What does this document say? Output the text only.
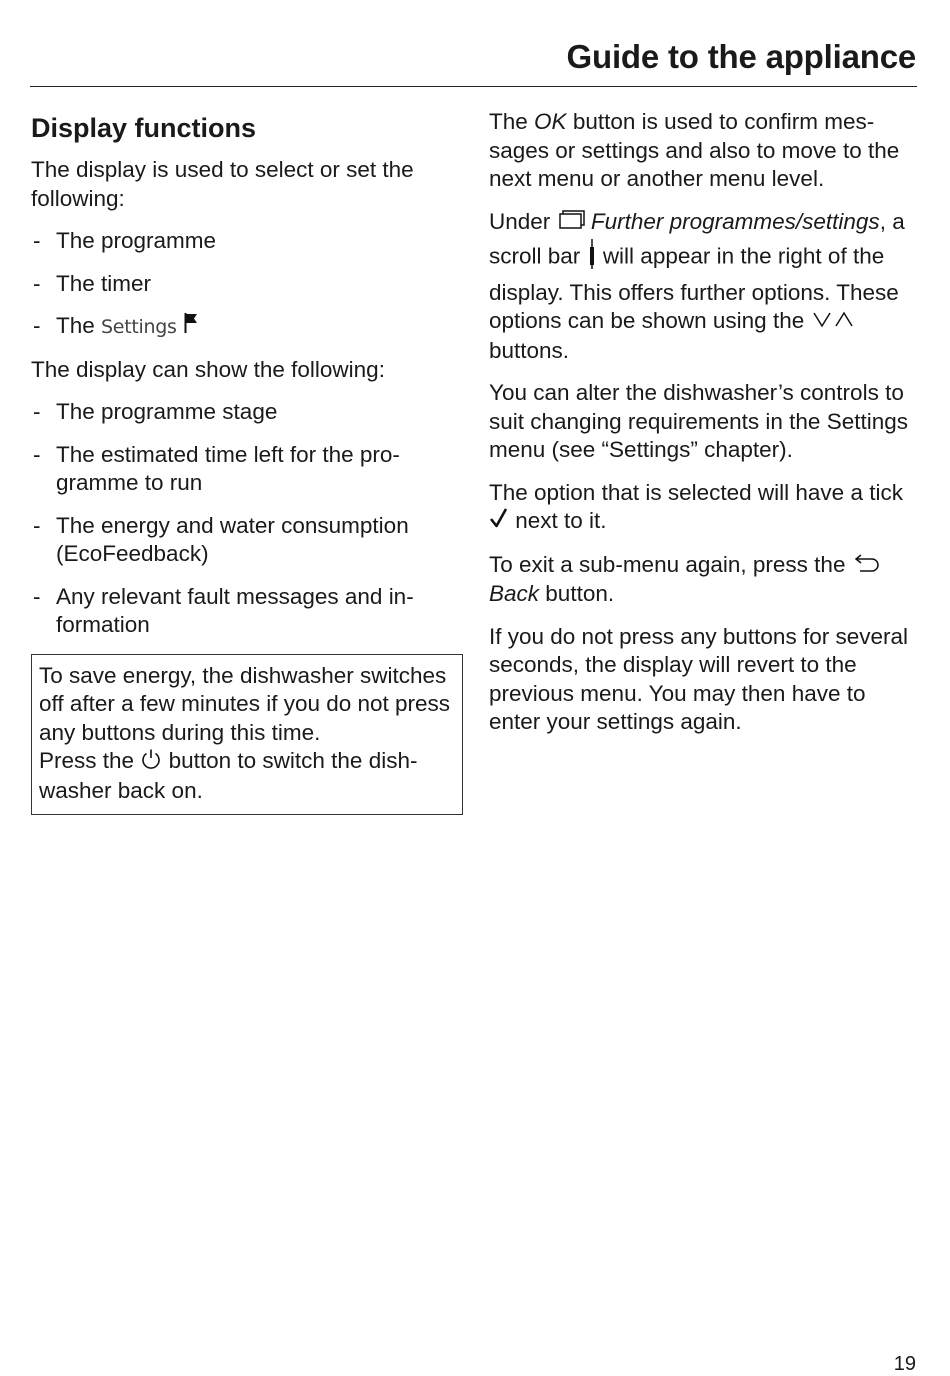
Guide to the appliance
Display functions

The display is used to select or set the following:

- The programme
- The timer
- The Settings

The display can show the following:

- The programme stage
- The estimated time left for the programme to run
- The energy and water consumption (EcoFeedback)
- Any relevant fault messages and information

To save energy, the dishwasher switches off after a few minutes if you do not press any buttons during this time.

Press the button to switch the dishwasher back on.

The OK button is used to confirm messages or settings and also to move to the next menu or another menu level.

Under Further programmes/settings, a scroll bar will appear in the right of the display. This offers further options. These options can be shown using the  buttons.

You can alter the dishwasher’s controls to suit changing requirements in the Settings menu (see “Settings” chapter).

The option that is selected will have a tick  next to it.

To exit a sub-menu again, press the  Back button.

If you do not press any buttons for several seconds, the display will revert to the previous menu. You may then have to enter your settings again.

19
